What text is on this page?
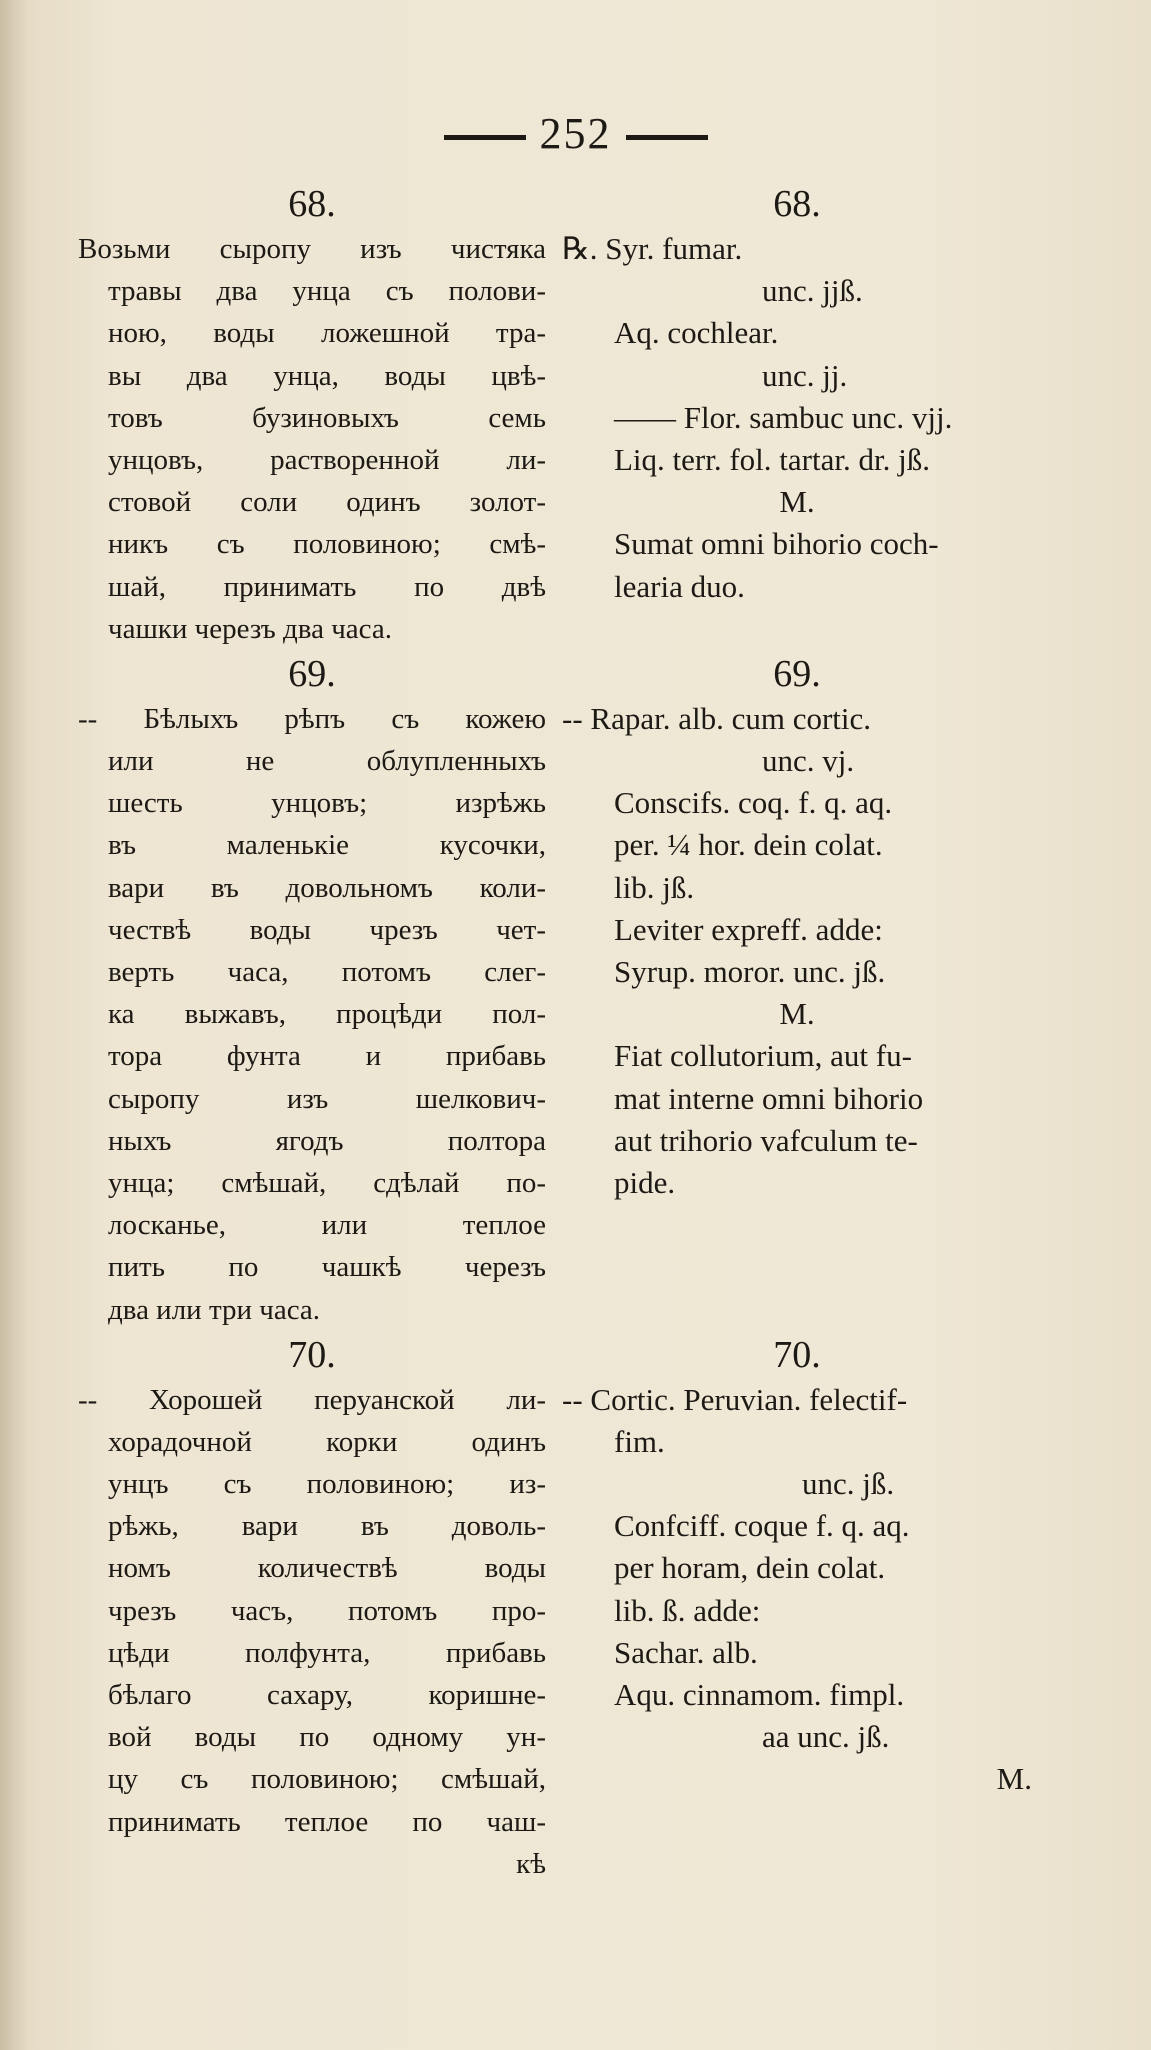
252
68.
Возьми сыропу изъ чистяка
травы два унца съ полови-
ною, воды ложешной тра-
вы два унца, воды цвѣ-
товъ бузиновыхъ семь
унцовъ, растворенной ли-
стовой соли одинъ золот-
никъ съ половиною; смѣ-
шай, принимать по двѣ
чашки черезъ два часа.
69.
-- Бѣлыхъ рѣпъ съ кожею
или не облупленныхъ
шесть унцовъ; изрѣжь
въ маленькіе кусочки,
вари въ довольномъ коли-
чествѣ воды чрезъ чет-
верть часа, потомъ слег-
ка выжавъ, процѣди пол-
тора фунта и прибавь
сыропу изъ шелкович-
ныхъ ягодъ полтора
унца; смѣшай, сдѣлай по-
лосканье, или теплое
пить по чашкѣ черезъ
два или три часа.
70.
-- Хорошей перуанской ли-
хорадочной корки одинъ
унцъ съ половиною; из-
рѣжь, вари въ доволь-
номъ количествѣ воды
чрезъ часъ, потомъ про-
цѣди полфунта, прибавь
бѣлаго сахару, коришне-
вой воды по одному ун-
цу съ половиною; смѣшай,
принимать теплое по чаш-
кѣ
68.
℞. Syr. fumar.
unc. jjß.
Aq. cochlear.
unc. jj.
—— Flor. sambuc unc. vjj.
Liq. terr. fol. tartar. dr. jß.
M.
Sumat omni bihorio coch-
learia duo.
69.
-- Rapar. alb. cum cortic.
unc. vj.
Conscifs. coq. f. q. aq.
per. ¼ hor. dein colat.
lib. jß.
Leviter expreff. adde:
Syrup. moror. unc. jß.
M.
Fiat collutorium, aut fu-
mat interne omni bihorio
aut trihorio vafculum te-
pide.
70.
-- Cortic. Peruvian. felectif-
fim.
unc. jß.
Confciff. coque f. q. aq.
per horam, dein colat.
lib. ß. adde:
Sachar. alb.
Aqu. cinnamom. fimpl.
aa unc. jß.
M.
